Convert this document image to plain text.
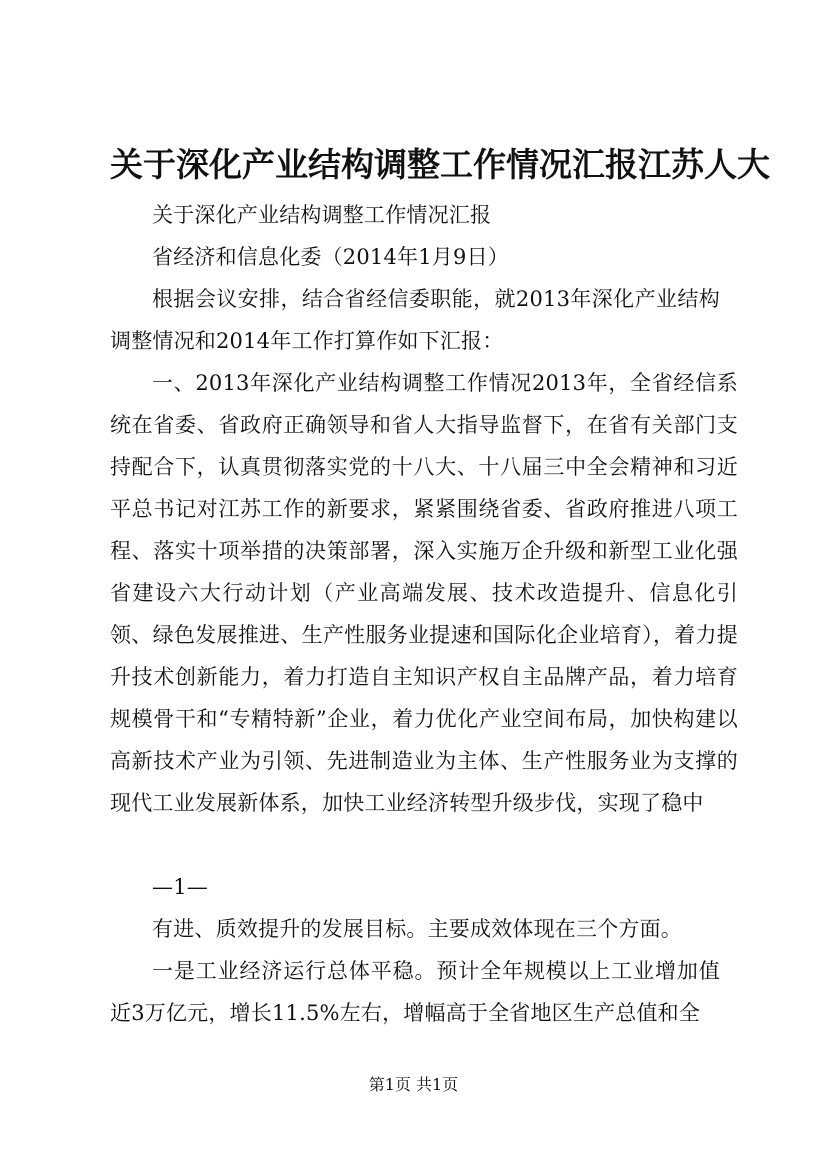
关于深化产业结构调整工作情况汇报江苏人大
关于深化产业结构调整工作情况汇报
省经济和信息化委（2014年1月9日）
根据会议安排，结合省经信委职能，就2013年深化产业结构调整情况和2014年工作打算作如下汇报：
一、2013年深化产业结构调整工作情况2013年，全省经信系统在省委、省政府正确领导和省人大指导监督下，在省有关部门支持配合下，认真贯彻落实党的十八大、十八届三中全会精神和习近平总书记对江苏工作的新要求，紧紧围绕省委、省政府推进八项工程、落实十项举措的决策部署，深入实施万企升级和新型工业化强省建设六大行动计划（产业高端发展、技术改造提升、信息化引领、绿色发展推进、生产性服务业提速和国际化企业培育），着力提升技术创新能力，着力打造自主知识产权自主品牌产品，着力培育规模骨干和“专精特新”企业，着力优化产业空间布局，加快构建以高新技术产业为引领、先进制造业为主体、生产性服务业为支撑的现代工业发展新体系，加快工业经济转型升级步伐，实现了稳中
—1—
有进、质效提升的发展目标。主要成效体现在三个方面。
一是工业经济运行总体平稳。预计全年规模以上工业增加值近3万亿元，增长11.5%左右，增幅高于全省地区生产总值和全
第1页 共1页
